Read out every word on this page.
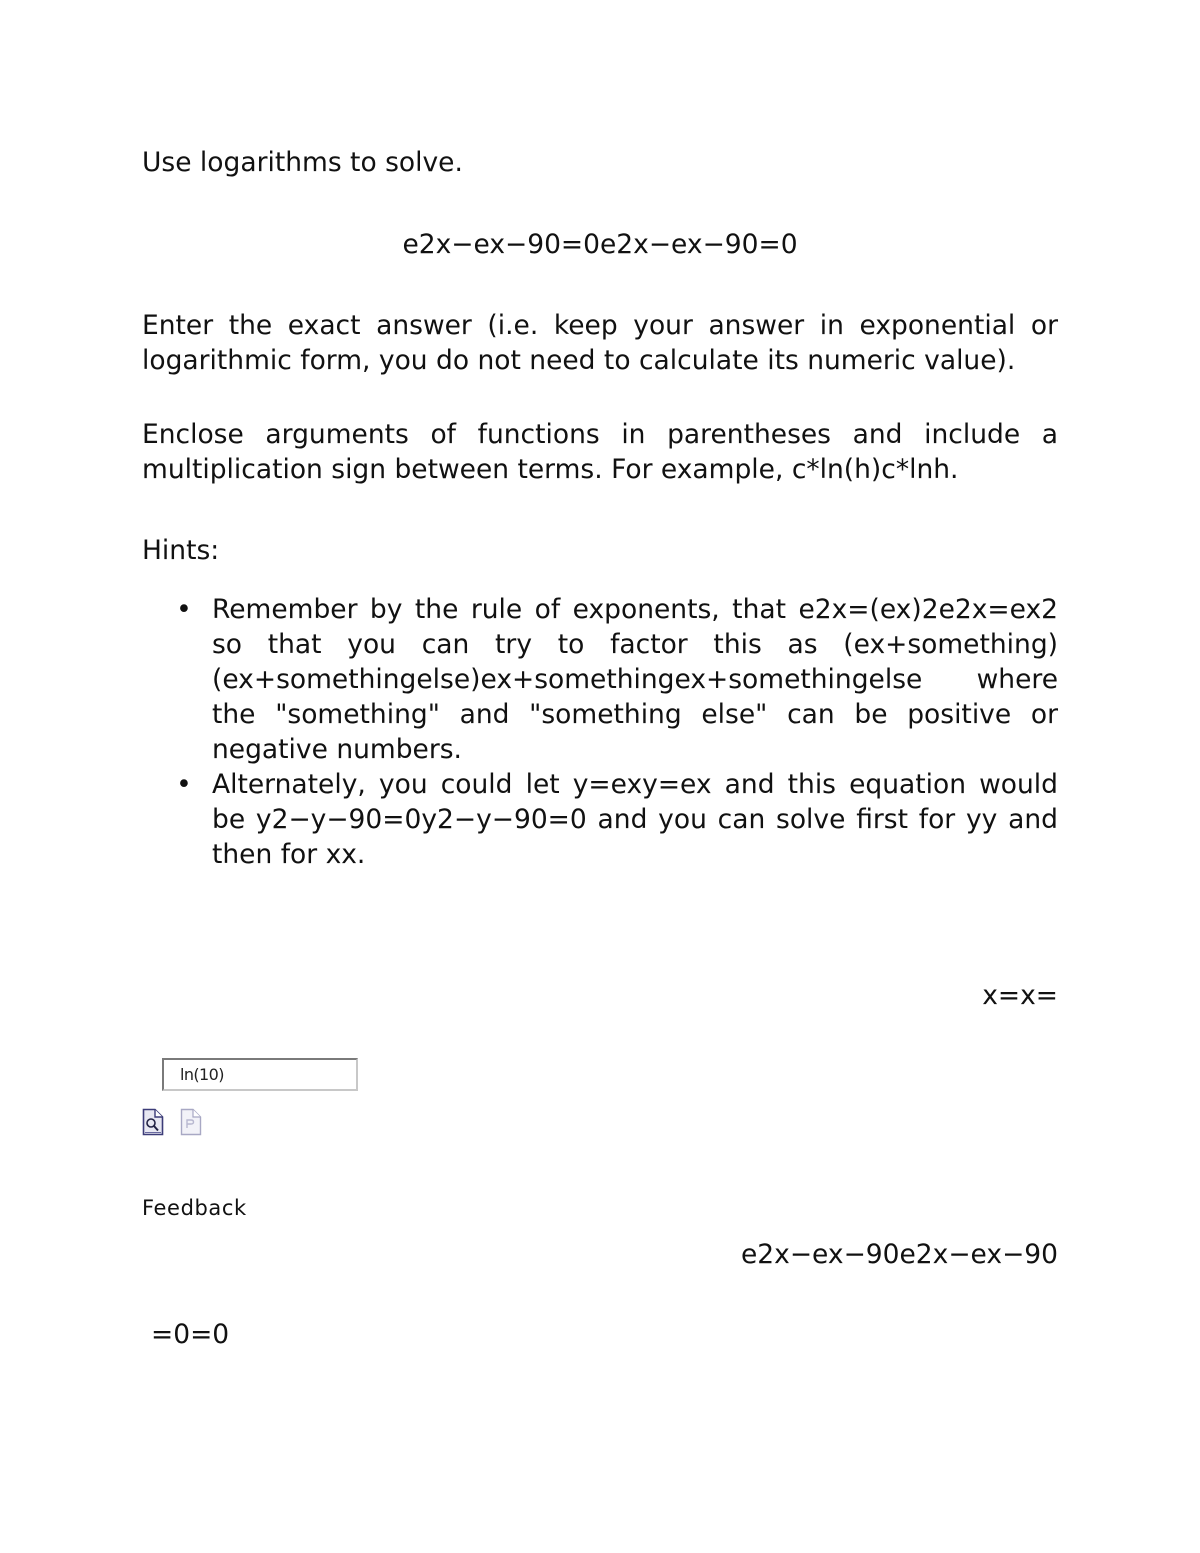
Use logarithms to solve.
e2x−ex−90=0e2x−ex−90=0
Enter the exact answer (i.e. keep your answer in exponential or logarithmic form, you do not need to calculate its numeric value).
Enclose arguments of functions in parentheses and include a multiplication sign between terms. For example, c*ln(h)c*lnh.
Hints:
• Remember by the rule of exponents, that e2x=(ex)2e2x=ex2 so that you can try to factor this as (ex+something)(ex+somethingelse)ex+somethingex+somethingelse where the "something" and "something else" can be positive or negative numbers.
• Alternately, you could let y=exy=ex and this equation would be y2−y−90=0y2−y−90=0 and you can solve first for yy and then for xx.
x=x=
ln(10)
Feedback
e2x−ex−90e2x−ex−90
=0=0
